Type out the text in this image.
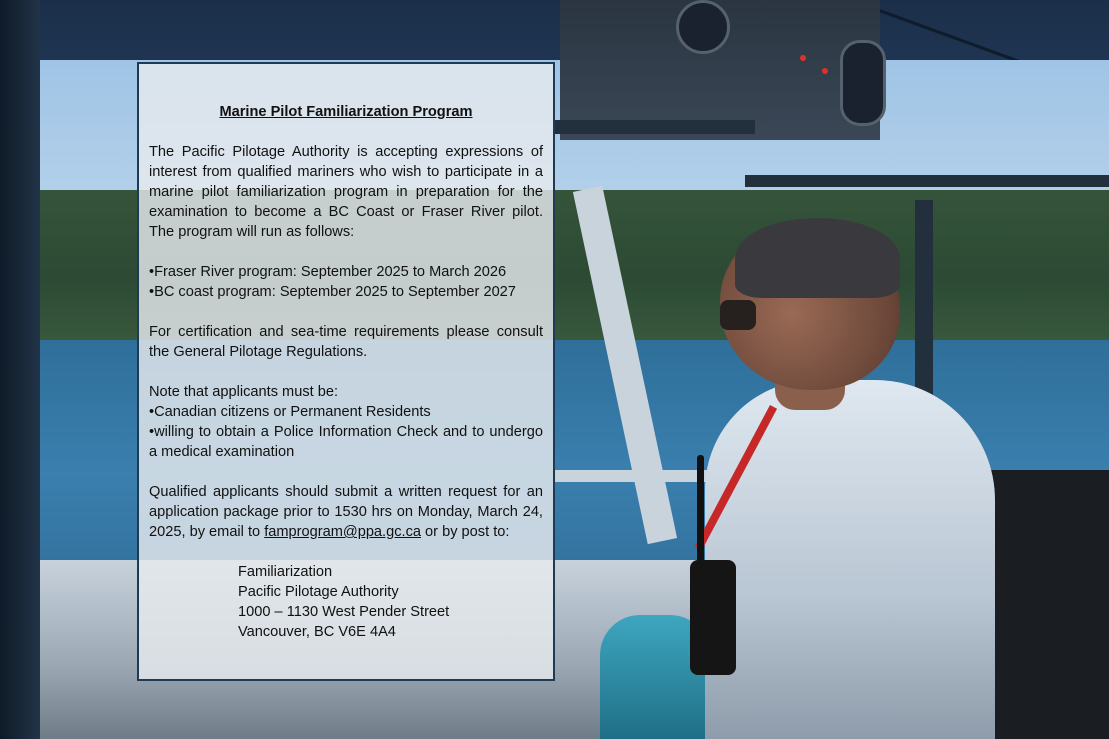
Marine Pilot Familiarization Program

The Pacific Pilotage Authority is accepting expressions of interest from qualified mariners who wish to participate in a marine pilot familiarization program in preparation for the examination to become a BC Coast or Fraser River pilot. The program will run as follows:

•Fraser River program: September 2025 to March 2026
•BC coast program: September 2025 to September 2027

For certification and sea-time requirements please consult the General Pilotage Regulations.

Note that applicants must be:
•Canadian citizens or Permanent Residents

•willing to obtain a Police Information Check and to undergo a medical examination

Qualified applicants should submit a written request for an application package prior to 1530 hrs on Monday, March 24, 2025, by email to famprogram@ppa.gc.ca or by post to:

Familiarization
Pacific Pilotage Authority
1000 – 1130 West Pender Street
Vancouver, BC V6E 4A4
